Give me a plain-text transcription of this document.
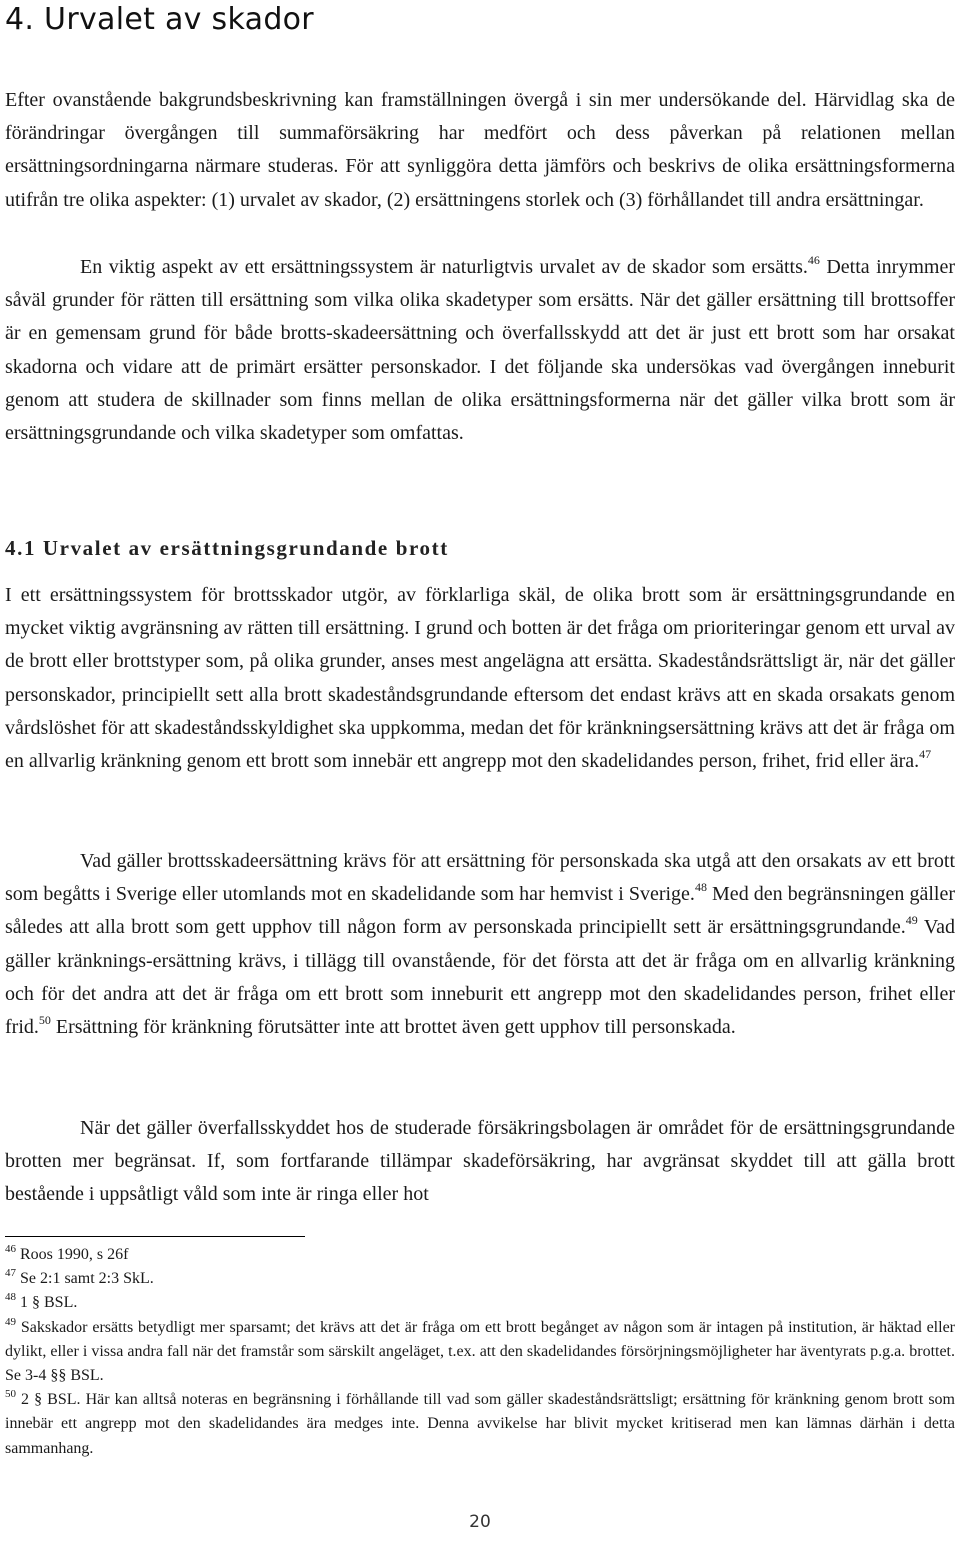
4. Urvalet av skador

Efter ovanstående bakgrundsbeskrivning kan framställningen övergå i sin mer undersökande del. Härvidlag ska de förändringar övergången till summaförsäkring har medfört och dess påverkan på relationen mellan ersättningsordningarna närmare studeras. För att synliggöra detta jämförs och beskrivs de olika ersättningsformerna utifrån tre olika aspekter: (1) urvalet av skador, (2) ersättningens storlek och (3) förhållandet till andra ersättningar.

En viktig aspekt av ett ersättningssystem är naturligtvis urvalet av de skador som ersätts.$^{46}$ Detta inrymmer såväl grunder för rätten till ersättning som vilka olika skadetyper som ersätts. När det gäller ersättning till brottsoffer är en gemensam grund för både brotts-skadeersättning och överfallsskydd att det är just ett brott som har orsakat skadorna och vidare att de primärt ersätter personskador. I det följande ska undersökas vad övergången inneburit genom att studera de skillnader som finns mellan de olika ersättningsformerna när det gäller vilka brott som är ersättningsgrundande och vilka skadetyper som omfattas.

4.1 Urvalet av ersättningsgrundande brott

I ett ersättningssystem för brottsskador utgör, av förklarliga skäl, de olika brott som är ersättningsgrundande en mycket viktig avgränsning av rätten till ersättning. I grund och botten är det fråga om prioriteringar genom ett urval av de brott eller brottstyper som, på olika grunder, anses mest angelägna att ersätta. Skadeståndsrättsligt är, när det gäller personskador, principiellt sett alla brott skadeståndsgrundande eftersom det endast krävs att en skada orsakats genom vårdslöshet för att skadeståndsskyldighet ska uppkomma, medan det för kränkningsersättning krävs att det är fråga om en allvarlig kränkning genom ett brott som innebär ett angrepp mot den skadelidandes person, frihet, frid eller ära.$^{47}$

Vad gäller brottsskadeersättning krävs för att ersättning för personskada ska utgå att den orsakats av ett brott som begåtts i Sverige eller utomlands mot en skadelidande som har hemvist i Sverige.$^{48}$ Med den begränsningen gäller således att alla brott som gett upphov till någon form av personskada principiellt sett är ersättningsgrundande.$^{49}$ Vad gäller kränknings-ersättning krävs, i tillägg till ovanstående, för det första att det är fråga om en allvarlig kränkning och för det andra att det är fråga om ett brott som inneburit ett angrepp mot den skadelidandes person, frihet eller frid.$^{50}$ Ersättning för kränkning förutsätter inte att brottet även gett upphov till personskada.

När det gäller överfallsskyddet hos de studerade försäkringsbolagen är området för de ersättningsgrundande brotten mer begränsat. If, som fortfarande tillämpar skadeförsäkring, har avgränsat skyddet till att gälla brott bestående i uppsåtligt våld som inte är ringa eller hot

$^{46}$ Roos 1990, s 26f

$^{47}$ Se 2:1 samt 2:3 SkL.

$^{48}$ 1 § BSL.

$^{49}$ Sakskador ersätts betydligt mer sparsamt; det krävs att det är fråga om ett brott begånget av någon som är intagen på institution, är häktad eller dylikt, eller i vissa andra fall när det framstår som särskilt angeläget, t.ex. att den skadelidandes försörjningsmöjligheter har äventyrats p.g.a. brottet. Se 3-4 §§ BSL.

$^{50}$ 2 § BSL. Här kan alltså noteras en begränsning i förhållande till vad som gäller skadeståndsrättsligt; ersättning för kränkning genom brott som innebär ett angrepp mot den skadelidandes ära medges inte. Denna avvikelse har blivit mycket kritiserad men kan lämnas därhän i detta sammanhang.

20
